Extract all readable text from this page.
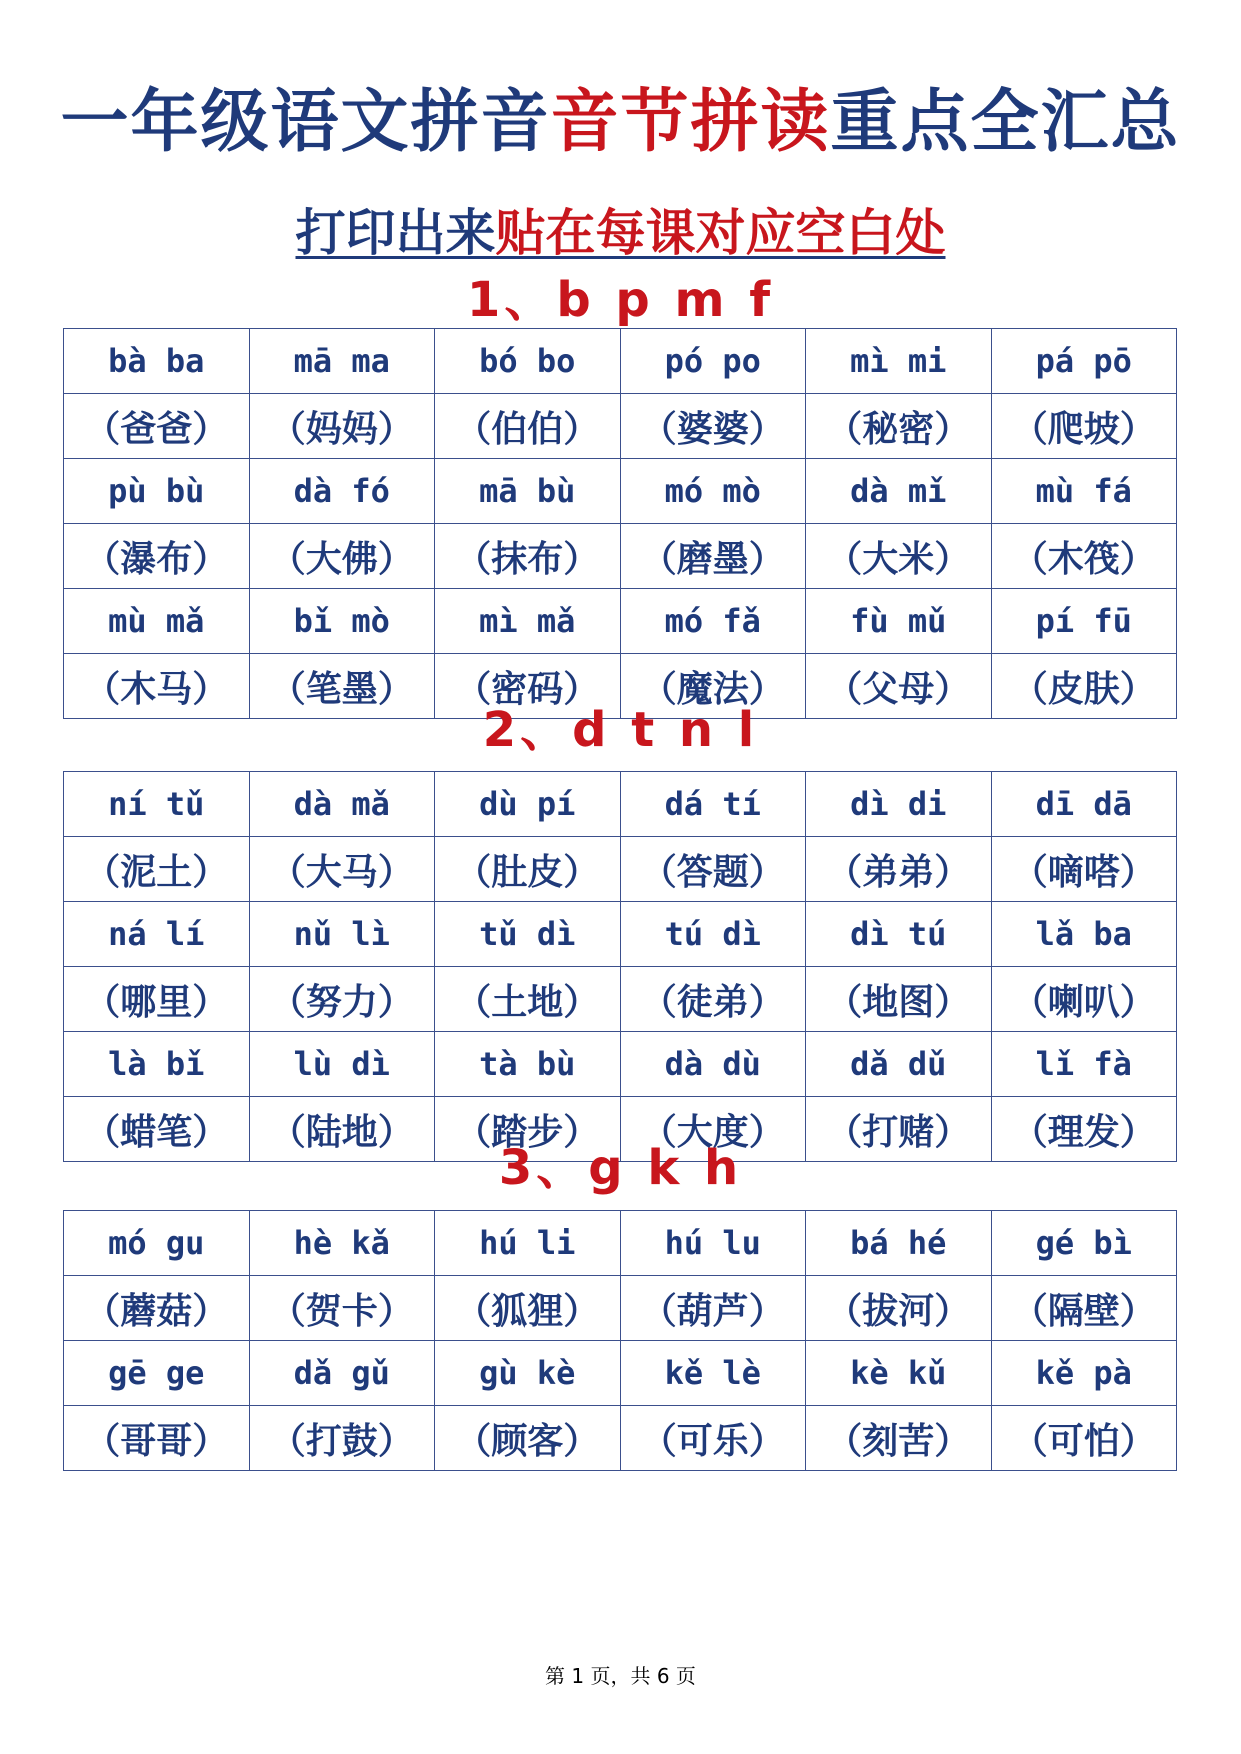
一年级语文拼音音节拼读重点全汇总
打印出来贴在每课对应空白处
1、b p m f
bà ba	mā ma	bó bo	pó po	mì mi	pá pō
（爸爸）	（妈妈）	（伯伯）	（婆婆）	（秘密）	（爬坡）
pù bù	dà fó	mā bù	mó mò	dà mǐ	mù fá
（瀑布）	（大佛）	（抹布）	（磨墨）	（大米）	（木筏）
mù mǎ	bǐ mò	mì mǎ	mó fǎ	fù mǔ	pí fū
（木马）	（笔墨）	（密码）	（魔法）	（父母）	（皮肤）
2、d t n l
ní tǔ	dà mǎ	dù pí	dá tí	dì di	dī dā
（泥土）	（大马）	（肚皮）	（答题）	（弟弟）	（嘀嗒）
ná lí	nǔ lì	tǔ dì	tú dì	dì tú	lǎ ba
（哪里）	（努力）	（土地）	（徒弟）	（地图）	（喇叭）
là bǐ	lù dì	tà bù	dà dù	dǎ dǔ	lǐ fà
（蜡笔）	（陆地）	（踏步）	（大度）	（打赌）	（理发）
3、g k h
mó gu	hè kǎ	hú li	hú lu	bá hé	gé bì
（蘑菇）	（贺卡）	（狐狸）	（葫芦）	（拔河）	（隔壁）
gē ge	dǎ gǔ	gù kè	kě lè	kè kǔ	kě pà
（哥哥）	（打鼓）	（顾客）	（可乐）	（刻苦）	（可怕）
第 1 页，共 6 页
